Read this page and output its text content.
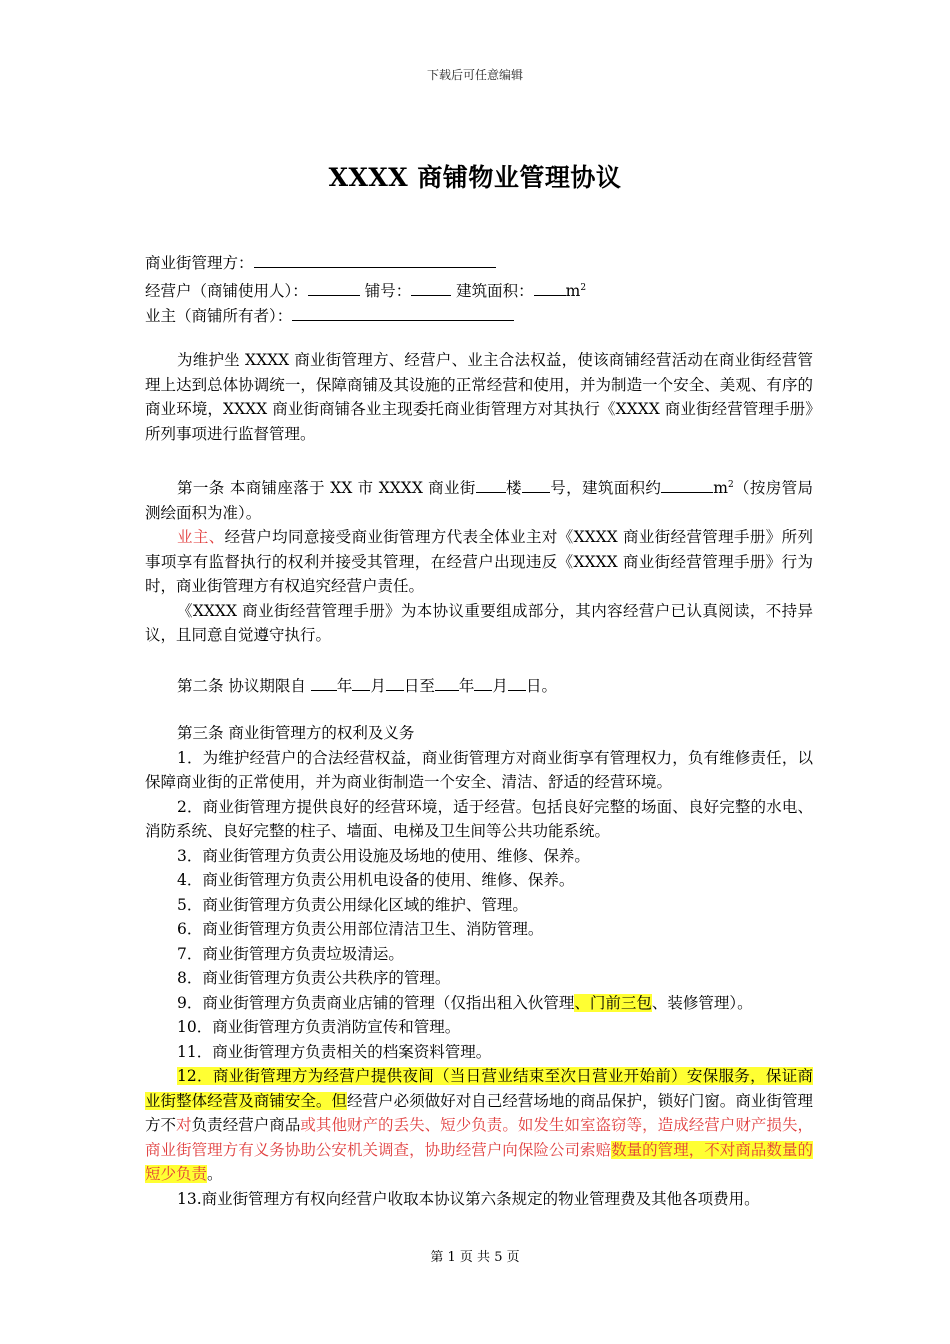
下载后可任意编辑
XXXX 商铺物业管理协议
商业街管理方：
经营户（商铺使用人）：	铺号：	建筑面积： $m^2$
业主（商铺所有者）：

为维护坐 XXXX 商业街管理方、经营户、业主合法权益，使该商铺经营活动在商业街经营管理上达到总体协调统一，保障商铺及其设施的正常经营和使用，并为制造一个安全、美观、有序的商业环境，XXXX 商业街商铺各业主现委托商业街管理方对其执行《XXXX 商业街经营管理手册》所列事项进行监督管理。

第一条 本商铺座落于 XX 市 XXXX 商业街 楼 号，建筑面积约	$m^2$（按房管局测绘面积为准）。

业主、经营户均同意接受商业街管理方代表全体业主对《XXXX 商业街经营管理手册》所列事项享有监督执行的权利并接受其管理，在经营户出现违反《XXXX 商业街经营管理手册》行为时，商业街管理方有权追究经营户责任。

《XXXX 商业街经营管理手册》为本协议重要组成部分，其内容经营户已认真阅读，不持异议，且同意自觉遵守执行。

第二条 协议期限自 年 月 日至 年 月 日。

第三条 商业街管理方的权利及义务

1．为维护经营户的合法经营权益，商业街管理方对商业街享有管理权力，负有维修责任，以保障商业街的正常使用，并为商业街制造一个安全、清洁、舒适的经营环境。

2．商业街管理方提供良好的经营环境，适于经营。包括良好完整的场面、良好完整的水电、消防系统、良好完整的柱子、墙面、电梯及卫生间等公共功能系统。

3．商业街管理方负责公用设施及场地的使用、维修、保养。

4．商业街管理方负责公用机电设备的使用、维修、保养。

5．商业街管理方负责公用绿化区域的维护、管理。

6．商业街管理方负责公用部位清洁卫生、消防管理。

7．商业街管理方负责垃圾清运。

8．商业街管理方负责公共秩序的管理。

9．商业街管理方负责商业店铺的管理（仅指出租入伙管理、门前三包、装修管理）。

10．商业街管理方负责消防宣传和管理。

11．商业街管理方负责相关的档案资料管理。

12．商业街管理方为经营户提供夜间（当日营业结束至次日营业开始前）安保服务，保证商业街整体经营及商铺安全。但经营户必须做好对自己经营场地的商品保护，锁好门窗。商业街管理方不对负责经营户商品或其他财产的丢失、短少负责。如发生如室盗窃等，造成经营户财产损失，商业街管理方有义务协助公安机关调查，协助经营户向保险公司索赔数量的管理，不对商品数量的短少负责。

13.商业街管理方有权向经营户收取本协议第六条规定的物业管理费及其他各项费用。

第 1 页 共 5 页
